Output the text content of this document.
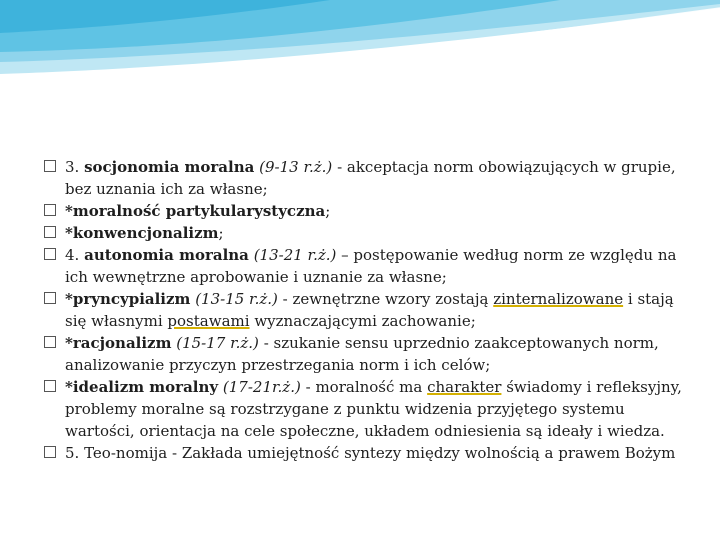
3. socjonomia moralna (9-13 r.ż.) - akceptacja norm obowiązujących w grupie, bez uznania ich za własne;
*moralność partykularystyczna;
*konwencjonalizm;
4. autonomia moralna (13-21 r.ż.) – postępowanie według norm ze względu na ich wewnętrzne aprobowanie i uznanie za własne;
*pryncypializm (13-15 r.ż.) - zewnętrzne wzory zostają zinternalizowane i stają się własnymi postawami wyznaczającymi zachowanie;
*racjonalizm (15-17 r.ż.) - szukanie sensu uprzednio zaakceptowanych norm, analizowanie przyczyn przestrzegania norm i ich celów;
*idealizm moralny (17-21r.ż.) - moralność ma charakter świadomy i refleksyjny, problemy moralne są rozstrzygane z punktu widzenia przyjętego systemu wartości, orientacja na cele społeczne, układem odniesienia są ideały i wiedza.
5. Teo-nomija - Zakłada umiejętność syntezy między wolnością a prawem Bożym
